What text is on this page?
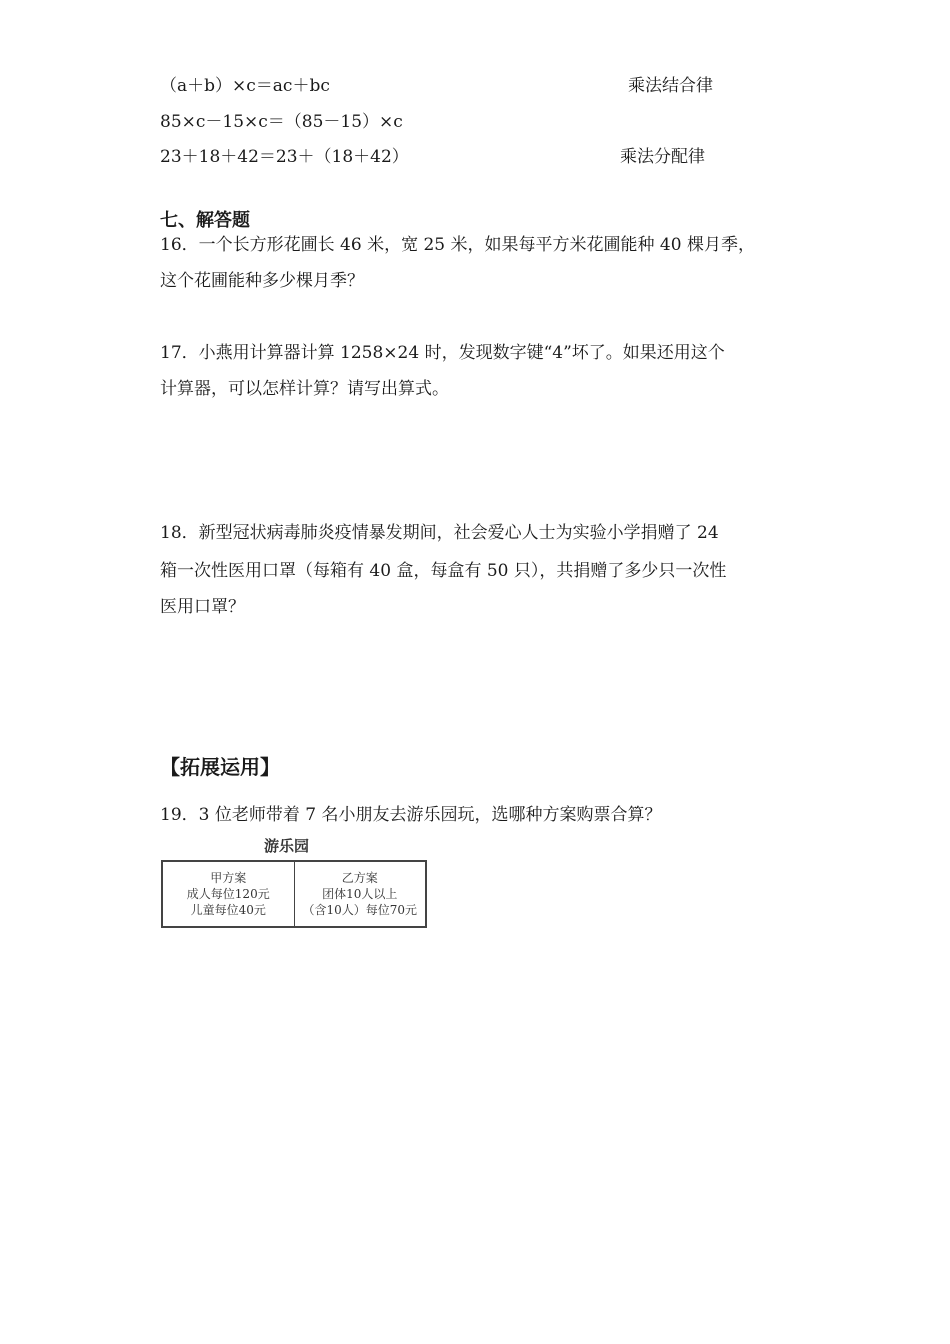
（a＋b）×c＝ac＋bc	乘法结合律
85×c－15×c＝（85－15）×c
23＋18＋42＝23＋（18＋42）	乘法分配律
七、解答题
16．一个长方形花圃长 46 米，宽 25 米，如果每平方米花圃能种 40 棵月季，
这个花圃能种多少棵月季？
17．小燕用计算器计算 1258×24 时，发现数字键“4”坏了。如果还用这个
计算器，可以怎样计算？请写出算式。
18．新型冠状病毒肺炎疫情暴发期间，社会爱心人士为实验小学捐赠了 24
箱一次性医用口罩（每箱有 40 盒，每盒有 50 只），共捐赠了多少只一次性
医用口罩？
【拓展运用】
19．3 位老师带着 7 名小朋友去游乐园玩，选哪种方案购票合算？
游乐园
甲方案
成人每位120元
儿童每位40元

乙方案
团体10人以上
（含10人）每位70元
